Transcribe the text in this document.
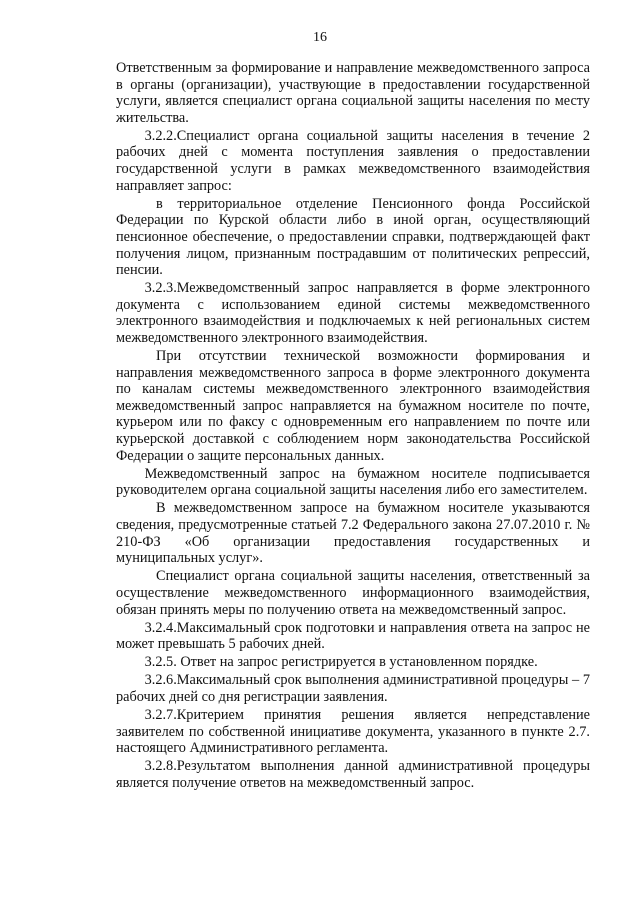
16

Ответственным за формирование и направление межведомственного запроса в органы (организации), участвующие в предоставлении государственной услуги, является специалист органа социальной защиты населения по месту жительства.

3.2.2.Специалист органа социальной защиты населения в течение 2 рабочих дней с момента поступления заявления о предоставлении государственной услуги в рамках межведомственного взаимодействия направляет запрос:

в территориальное отделение Пенсионного фонда Российской Федерации по Курской области либо в иной орган, осуществляющий пенсионное обеспечение, о предоставлении справки, подтверждающей факт получения лицом, признанным пострадавшим от политических репрессий, пенсии.

3.2.3.Межведомственный запрос направляется в форме электронного документа с использованием единой системы межведомственного электронного взаимодействия и подключаемых к ней региональных систем межведомственного электронного взаимодействия.

При отсутствии технической возможности формирования и направления межведомственного запроса в форме электронного документа по каналам системы межведомственного электронного взаимодействия межведомственный запрос направляется на бумажном носителе по почте, курьером или по факсу с одновременным его направлением по почте или курьерской доставкой с соблюдением норм законодательства Российской Федерации о защите персональных данных.

Межведомственный запрос на бумажном носителе подписывается руководителем органа социальной защиты населения либо его заместителем.

В межведомственном запросе на бумажном носителе указываются сведения, предусмотренные статьей 7.2 Федерального закона 27.07.2010 г. № 210-ФЗ «Об организации предоставления государственных и муниципальных услуг».

Специалист органа социальной защиты населения, ответственный за осуществление межведомственного информационного взаимодействия, обязан принять меры по получению ответа на межведомственный запрос.

3.2.4.Максимальный срок подготовки и направления ответа на запрос не может превышать 5 рабочих дней.

3.2.5. Ответ на запрос регистрируется в установленном порядке.

3.2.6.Максимальный срок выполнения административной процедуры – 7 рабочих дней со дня регистрации заявления.

3.2.7.Критерием принятия решения является непредставление заявителем по собственной инициативе документа, указанного в пункте 2.7. настоящего Административного регламента.

3.2.8.Результатом выполнения данной административной процедуры является получение ответов на межведомственный запрос.
